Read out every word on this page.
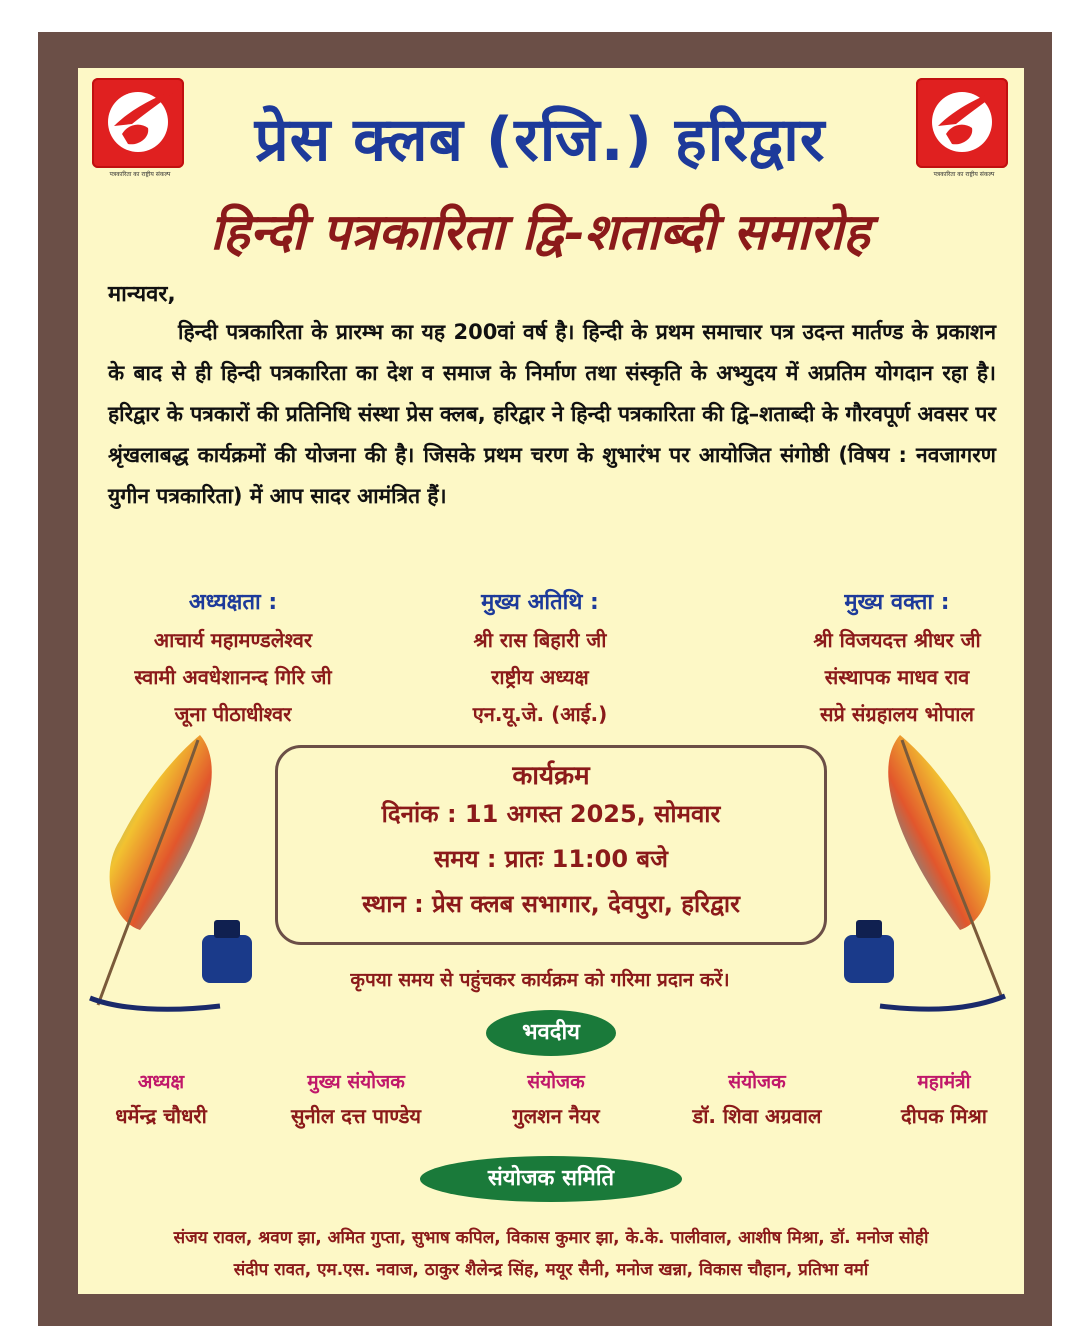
पत्रकारिता का राष्ट्रीय संकल्प	पत्रकारिता का राष्ट्रीय संकल्प
प्रेस क्लब (रजि.) हरिद्वार
हिन्दी पत्रकारिता द्वि-शताब्दी समारोह
मान्यवर,
हिन्दी पत्रकारिता के प्रारम्भ का यह 200वां वर्ष है। हिन्दी के प्रथम समाचार पत्र उदन्त मार्तण्ड के प्रकाशन के बाद से ही हिन्दी पत्रकारिता का देश व समाज के निर्माण तथा संस्कृति के अभ्युदय में अप्रतिम योगदान रहा है। हरिद्वार के पत्रकारों की प्रतिनिधि संस्था प्रेस क्लब, हरिद्वार ने हिन्दी पत्रकारिता की द्वि–शताब्दी के गौरवपूर्ण अवसर पर श्रृंखलाबद्ध कार्यक्रमों की योजना की है। जिसके प्रथम चरण के शुभारंभ पर आयोजित संगोष्ठी (विषय : नवजागरण युगीन पत्रकारिता) में आप सादर आमंत्रित हैं।
अध्यक्षता :
आचार्य महामण्डलेश्वर
स्वामी अवधेशानन्द गिरि जी
जूना पीठाधीश्वर
मुख्य अतिथि :
श्री रास बिहारी जी
राष्ट्रीय अध्यक्ष
एन.यू.जे. (आई.)
मुख्य वक्ता :
श्री विजयदत्त श्रीधर जी
संस्थापक माधव राव
सप्रे संग्रहालय भोपाल
कार्यक्रम
दिनांक : 11 अगस्त 2025, सोमवार
समय : प्रातः 11:00 बजे
स्थान : प्रेस क्लब सभागार, देवपुरा, हरिद्वार
कृपया समय से पहुंचकर कार्यक्रम को गरिमा प्रदान करें।
भवदीय
अध्यक्ष
धर्मेन्द्र चौधरी
मुख्य संयोजक
सुनील दत्त पाण्डेय
संयोजक
गुलशन नैयर
संयोजक
डॉ. शिवा अग्रवाल
महामंत्री
दीपक मिश्रा
संयोजक समिति
संजय रावल, श्रवण झा, अमित गुप्ता, सुभाष कपिल, विकास कुमार झा, के.के. पालीवाल, आशीष मिश्रा, डॉ. मनोज सोही
संदीप रावत, एम.एस. नवाज, ठाकुर शैलेन्द्र सिंह, मयूर सैनी, मनोज खन्ना, विकास चौहान, प्रतिभा वर्मा
